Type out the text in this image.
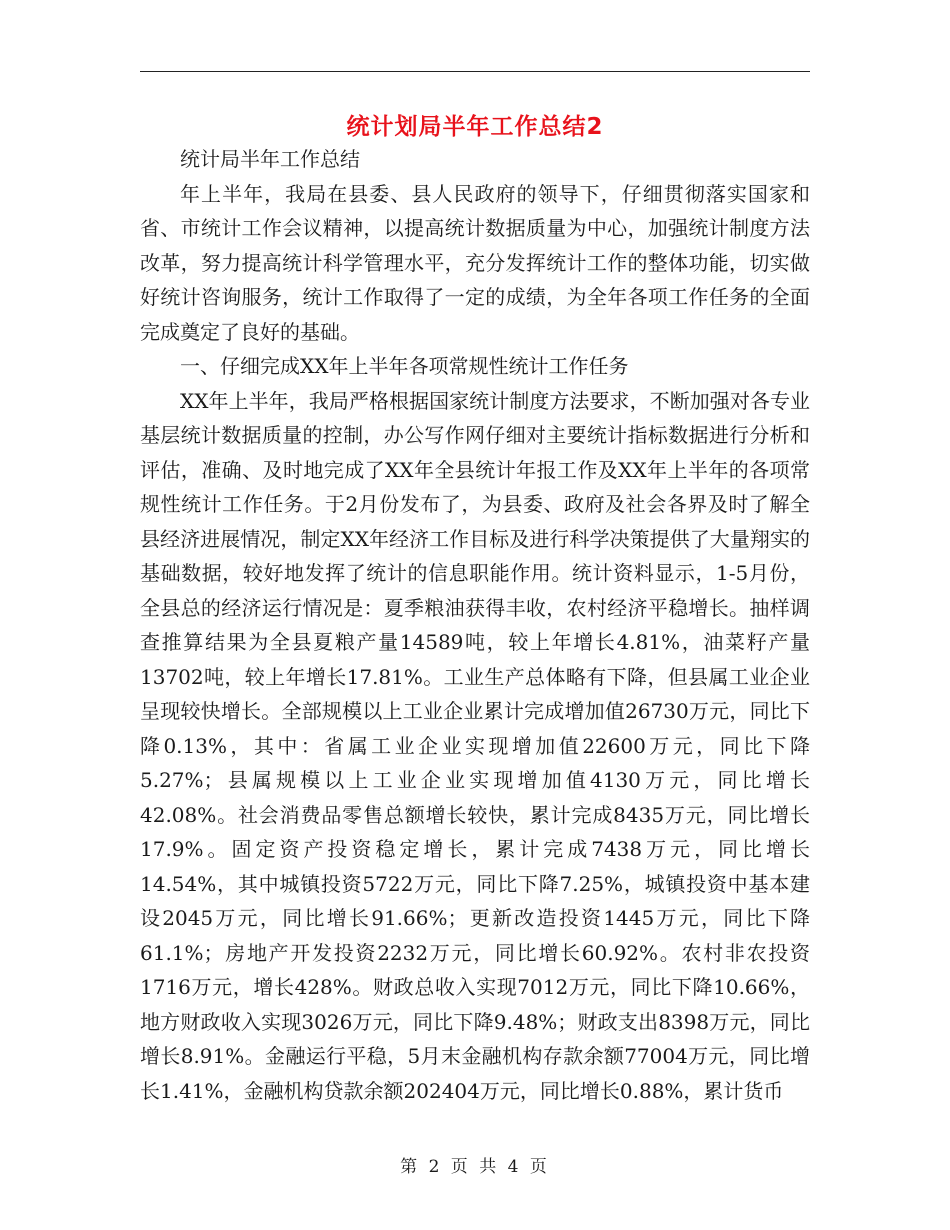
统计划局半年工作总结2

统计局半年工作总结

年上半年，我局在县委、县人民政府的领导下，仔细贯彻落实国家和省、市统计工作会议精神，以提高统计数据质量为中心，加强统计制度方法改革，努力提高统计科学管理水平，充分发挥统计工作的整体功能，切实做好统计咨询服务，统计工作取得了一定的成绩，为全年各项工作任务的全面完成奠定了良好的基础。

一、仔细完成XX年上半年各项常规性统计工作任务

XX年上半年，我局严格根据国家统计制度方法要求，不断加强对各专业基层统计数据质量的控制，办公写作网仔细对主要统计指标数据进行分析和评估，准确、及时地完成了XX年全县统计年报工作及XX年上半年的各项常规性统计工作任务。于2月份发布了，为县委、政府及社会各界及时了解全县经济进展情况，制定XX年经济工作目标及进行科学决策提供了大量翔实的基础数据，较好地发挥了统计的信息职能作用。统计资料显示，1-5月份，全县总的经济运行情况是：夏季粮油获得丰收，农村经济平稳增长。抽样调查推算结果为全县夏粮产量14589吨，较上年增长4.81%，油菜籽产量13702吨，较上年增长17.81%。工业生产总体略有下降，但县属工业企业呈现较快增长。全部规模以上工业企业累计完成增加值26730万元，同比下降0.13%，其中：省属工业企业实现增加值22600万元，同比下降5.27%；县属规模以上工业企业实现增加值4130万元，同比增长42.08%。社会消费品零售总额增长较快，累计完成8435万元，同比增长17.9%。固定资产投资稳定增长，累计完成7438万元，同比增长14.54%，其中城镇投资5722万元，同比下降7.25%，城镇投资中基本建设2045万元，同比增长91.66%；更新改造投资1445万元，同比下降61.1%；房地产开发投资2232万元，同比增长60.92%。农村非农投资1716万元，增长428%。财政总收入实现7012万元，同比下降10.66%，地方财政收入实现3026万元，同比下降9.48%；财政支出8398万元，同比增长8.91%。金融运行平稳，5月末金融机构存款余额77004万元，同比增长1.41%，金融机构贷款余额202404万元，同比增长0.88%，累计货币

第 2 页 共 4 页
